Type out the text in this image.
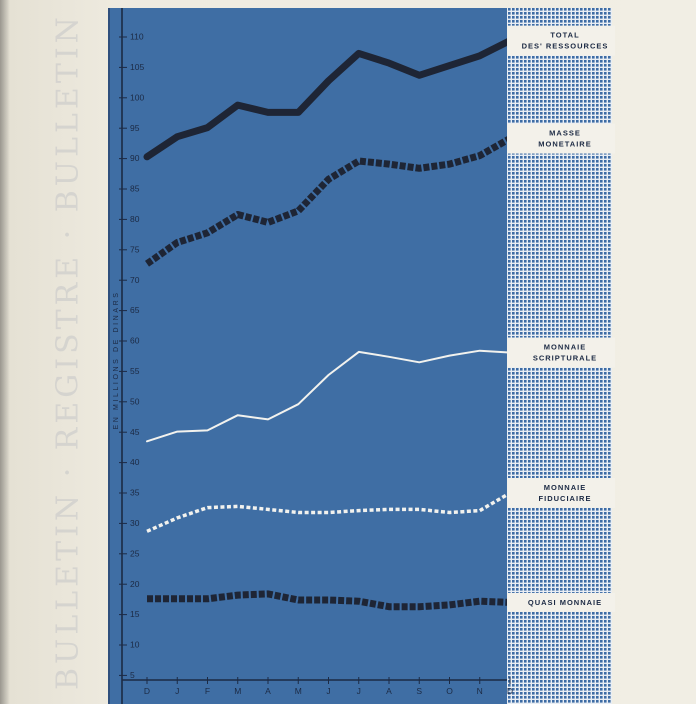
BULLETIN · REGISTRE · BULLETIN	5
10
15
20
25
30
35
40
45
50
55
60
65
70
75
80
85
90
95
100
105
110
D	J	F	M	A	M	J	J	A	S	O	N	D
TOTAL
DES' RESSOURCES
MASSE
MONETAIRE
MONNAIE
SCRIPTURALE
MONNAIE
FIDUCIAIRE
QUASI MONNAIE
EN MILLIONS DE DINARS
